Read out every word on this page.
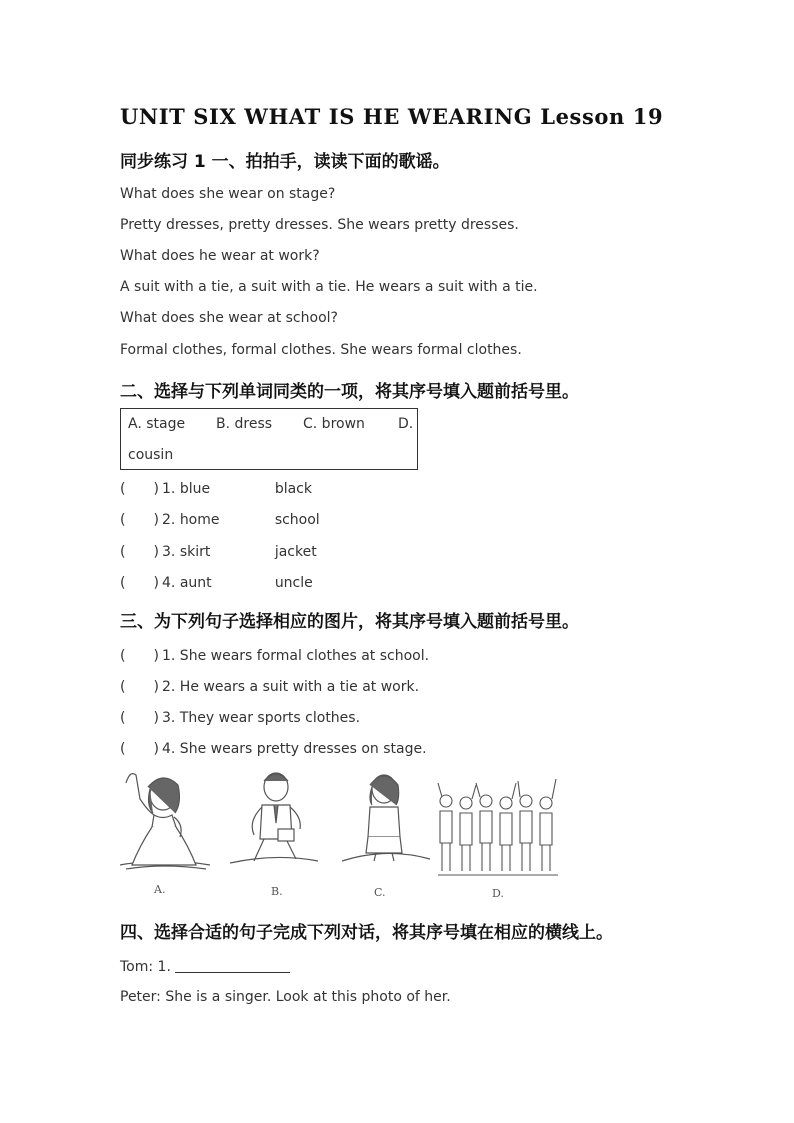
UNIT SIX WHAT IS HE WEARING Lesson 19
同步练习 1 一、拍拍手，读读下面的歌谣。
What does she wear on stage?
Pretty dresses, pretty dresses. She wears pretty dresses.
What does he wear at work?
A suit with a tie, a suit with a tie. He wears a suit with a tie.
What does she wear at school?
Formal clothes, formal clothes. She wears formal clothes.
二、选择与下列单词同类的一项，将其序号填入题前括号里。
A. stage B. dress C. brown D.
cousin
(　　) 1. blue	black
(　　) 2. home	school
(　　) 3. skirt	jacket
(　　) 4. aunt	uncle
三、为下列句子选择相应的图片，将其序号填入题前括号里。
(　　) 1. She wears formal clothes at school.
(　　) 2. He wears a suit with a tie at work.
(　　) 3. They wear sports clothes.
(　　) 4. She wears pretty dresses on stage.
A.	B.	C.	D.
四、选择合适的句子完成下列对话，将其序号填在相应的横线上。
Tom: 1.
Peter: She is a singer. Look at this photo of her.
